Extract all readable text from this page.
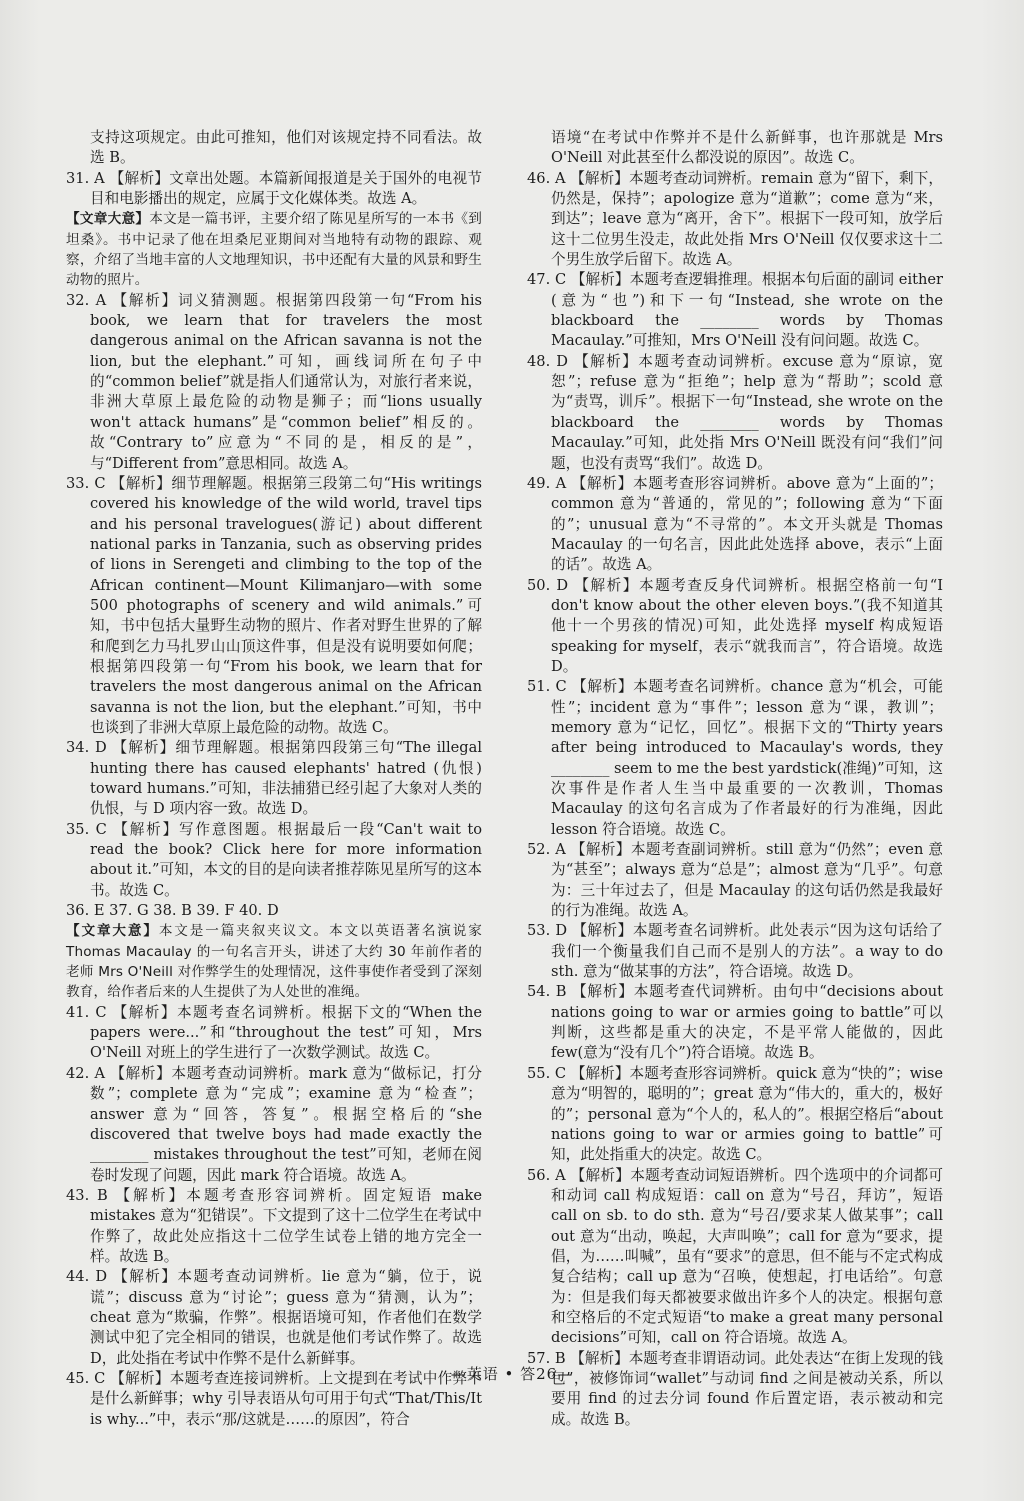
支持这项规定。由此可推知，他们对该规定持不同看法。故选 B。

31. A 【解析】文章出处题。本篇新闻报道是关于国外的电视节目和电影播出的规定，应属于文化媒体类。故选 A。

【文章大意】本文是一篇书评，主要介绍了陈见星所写的一本书《到坦桑》。书中记录了他在坦桑尼亚期间对当地特有动物的跟踪、观察，介绍了当地丰富的人文地理知识，书中还配有大量的风景和野生动物的照片。

32. A 【解析】词义猜测题。根据第四段第一句“From his book, we learn that for travelers the most dangerous animal on the African savanna is not the lion, but the elephant.”可知，画线词所在句子中的“common belief”就是指人们通常认为，对旅行者来说，非洲大草原上最危险的动物是狮子；而“lions usually won't attack humans”是“common belief”相反的。故“Contrary to”应意为“不同的是，相反的是”，与“Different from”意思相同。故选 A。

33. C 【解析】细节理解题。根据第三段第二句“His writings covered his knowledge of the wild world, travel tips and his personal travelogues(游记) about different national parks in Tanzania, such as observing prides of lions in Serengeti and climbing to the top of the African continent—Mount Kilimanjaro—with some 500 photographs of scenery and wild animals.”可知，书中包括大量野生动物的照片、作者对野生世界的了解和爬到乞力马扎罗山山顶这件事，但是没有说明要如何爬；根据第四段第一句“From his book, we learn that for travelers the most dangerous animal on the African savanna is not the lion, but the elephant.”可知，书中也谈到了非洲大草原上最危险的动物。故选 C。

34. D 【解析】细节理解题。根据第四段第三句“The illegal hunting there has caused elephants' hatred (仇恨) toward humans.”可知，非法捕猎已经引起了大象对人类的仇恨，与 D 项内容一致。故选 D。

35. C 【解析】写作意图题。根据最后一段“Can't wait to read the book? Click here for more information about it.”可知，本文的目的是向读者推荐陈见星所写的这本书。故选 C。

36. E 37. G 38. B 39. F 40. D

【文章大意】本文是一篇夹叙夹议文。本文以英语著名演说家 Thomas Macaulay 的一句名言开头，讲述了大约 30 年前作者的老师 Mrs O'Neill 对作弊学生的处理情况，这件事使作者受到了深刻教育，给作者后来的人生提供了为人处世的准绳。

41. C 【解析】本题考查名词辨析。根据下文的“When the papers were...”和“throughout the test”可知，Mrs O'Neill 对班上的学生进行了一次数学测试。故选 C。

42. A 【解析】本题考查动词辨析。mark 意为“做标记，打分数”；complete 意为“完成”；examine 意为“检查”；answer 意为“回答，答复”。根据空格后的“she discovered that twelve boys had made exactly the ________ mistakes throughout the test”可知，老师在阅卷时发现了问题，因此 mark 符合语境。故选 A。

43. B 【解析】本题考查形容词辨析。固定短语 make mistakes 意为“犯错误”。下文提到了这十二位学生在考试中作弊了，故此处应指这十二位学生试卷上错的地方完全一样。故选 B。

44. D 【解析】本题考查动词辨析。lie 意为“躺，位于，说谎”；discuss 意为“讨论”；guess 意为“猜测，认为”；cheat 意为“欺骗，作弊”。根据语境可知，作者他们在数学测试中犯了完全相同的错误，也就是他们考试作弊了。故选 D，此处指在考试中作弊不是什么新鲜事。

45. C 【解析】本题考查连接词辨析。上文提到在考试中作弊不是什么新鲜事；why 引导表语从句可用于句式“That/This/It is why...”中，表示“那/这就是……的原因”，符合

语境“在考试中作弊并不是什么新鲜事，也许那就是 Mrs O'Neill 对此甚至什么都没说的原因”。故选 C。

46. A 【解析】本题考查动词辨析。remain 意为“留下，剩下，仍然是，保持”；apologize 意为“道歉”；come 意为“来，到达”；leave 意为“离开，舍下”。根据下一段可知，放学后这十二位男生没走，故此处指 Mrs O'Neill 仅仅要求这十二个男生放学后留下。故选 A。

47. C 【解析】本题考查逻辑推理。根据本句后面的副词 either (意为“也”)和下一句“Instead, she wrote on the blackboard the ________ words by Thomas Macaulay.”可推知，Mrs O'Neill 没有问问题。故选 C。

48. D 【解析】本题考查动词辨析。excuse 意为“原谅，宽恕”；refuse 意为“拒绝”；help 意为“帮助”；scold 意为“责骂，训斥”。根据下一句“Instead, she wrote on the blackboard the ________ words by Thomas Macaulay.”可知，此处指 Mrs O'Neill 既没有问“我们”问题，也没有责骂“我们”。故选 D。

49. A 【解析】本题考查形容词辨析。above 意为“上面的”；common 意为“普通的，常见的”；following 意为“下面的”；unusual 意为“不寻常的”。本文开头就是 Thomas Macaulay 的一句名言，因此此处选择 above，表示“上面的话”。故选 A。

50. D 【解析】本题考查反身代词辨析。根据空格前一句“I don't know about the other eleven boys.”(我不知道其他十一个男孩的情况)可知，此处选择 myself 构成短语 speaking for myself，表示“就我而言”，符合语境。故选 D。

51. C 【解析】本题考查名词辨析。chance 意为“机会，可能性”；incident 意为“事件”；lesson 意为“课，教训”；memory 意为“记忆，回忆”。根据下文的“Thirty years after being introduced to Macaulay's words, they ________ seem to me the best yardstick(准绳)”可知，这次事件是作者人生当中最重要的一次教训，Thomas Macaulay 的这句名言成为了作者最好的行为准绳，因此 lesson 符合语境。故选 C。

52. A 【解析】本题考查副词辨析。still 意为“仍然”；even 意为“甚至”；always 意为“总是”；almost 意为“几乎”。句意为：三十年过去了，但是 Macaulay 的这句话仍然是我最好的行为准绳。故选 A。

53. D 【解析】本题考查名词辨析。此处表示“因为这句话给了我们一个衡量我们自己而不是别人的方法”。a way to do sth. 意为“做某事的方法”，符合语境。故选 D。

54. B 【解析】本题考查代词辨析。由句中“decisions about nations going to war or armies going to battle”可以判断，这些都是重大的决定，不是平常人能做的，因此 few(意为“没有几个”)符合语境。故选 B。

55. C 【解析】本题考查形容词辨析。quick 意为“快的”；wise 意为“明智的，聪明的”；great 意为“伟大的，重大的，极好的”；personal 意为“个人的，私人的”。根据空格后“about nations going to war or armies going to battle”可知，此处指重大的决定。故选 C。

56. A 【解析】本题考查动词短语辨析。四个选项中的介词都可和动词 call 构成短语：call on 意为“号召，拜访”，短语 call on sb. to do sth. 意为“号召/要求某人做某事”；call out 意为“出动，唤起，大声叫唤”；call for 意为“要求，提倡，为……叫喊”，虽有“要求”的意思，但不能与不定式构成复合结构；call up 意为“召唤，使想起，打电话给”。句意为：但是我们每天都被要求做出许多个人的决定。根据句意和空格后的不定式短语“to make a great many personal decisions”可知，call on 符合语境。故选 A。

57. B 【解析】本题考查非谓语动词。此处表达“在街上发现的钱包”，被修饰词“wallet”与动词 find 之间是被动关系，所以要用 find 的过去分词 found 作后置定语，表示被动和完成。故选 B。

—英语 • 答26—
